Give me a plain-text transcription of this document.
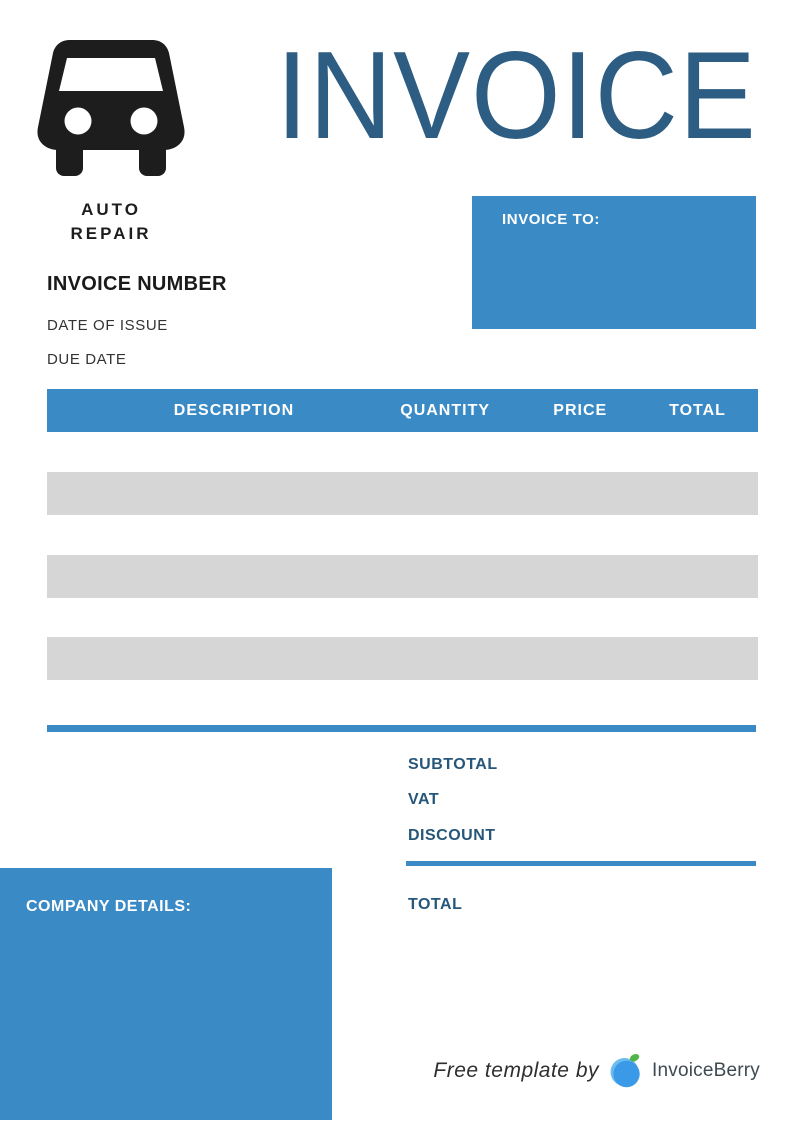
AUTO
REPAIR
INVOICE
INVOICE TO:
INVOICE NUMBER
DATE OF ISSUE
DUE DATE
DESCRIPTION	QUANTITY	PRICE	TOTAL
SUBTOTAL
VAT
DISCOUNT
TOTAL
COMPANY DETAILS:
Free template by	InvoiceBerry
